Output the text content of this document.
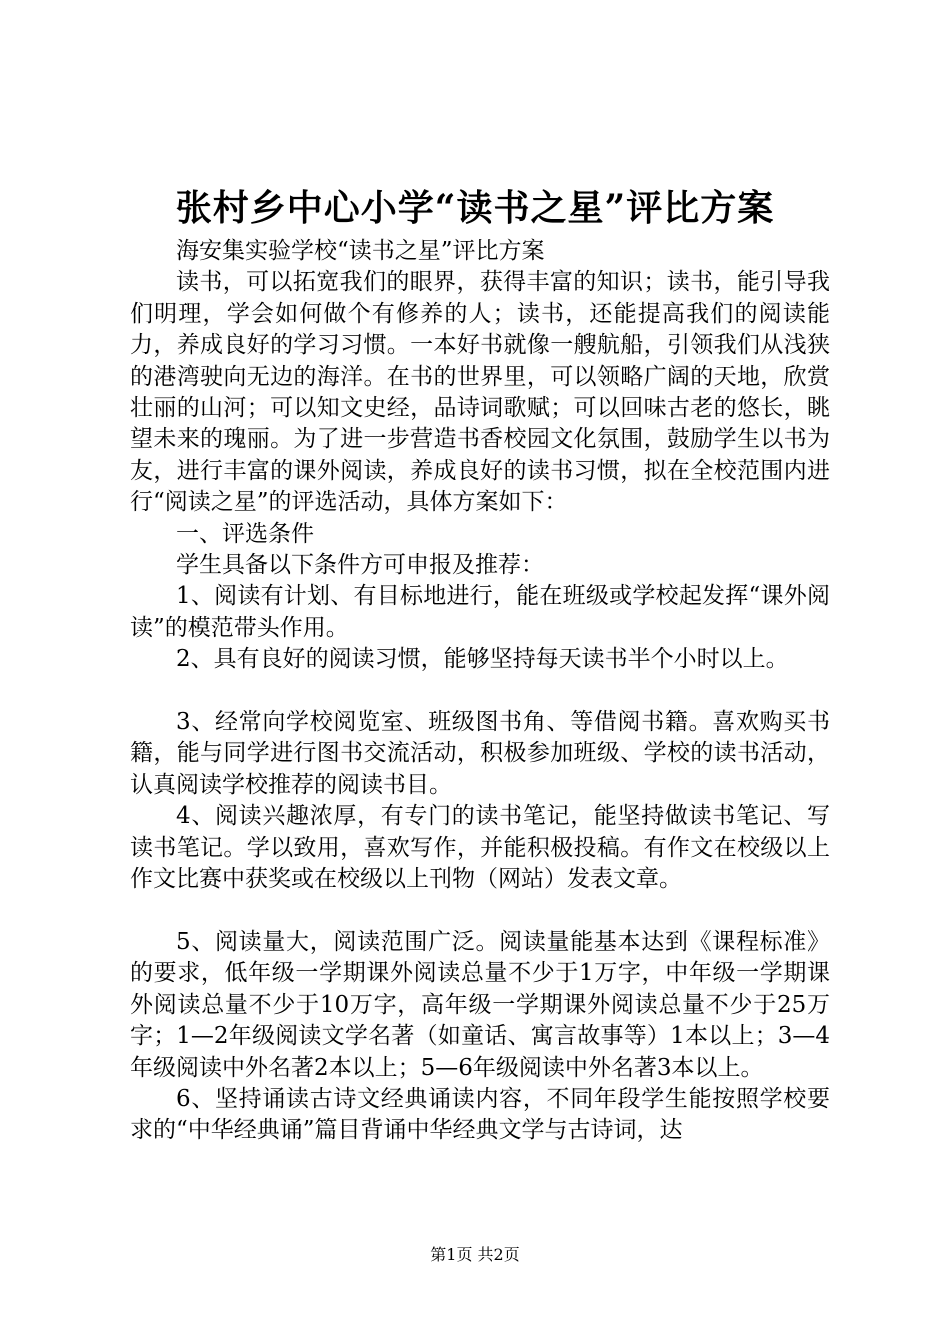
张村乡中心小学“读书之星”评比方案

海安集实验学校“读书之星”评比方案

读书，可以拓宽我们的眼界，获得丰富的知识；读书，能引导我们明理，学会如何做个有修养的人；读书，还能提高我们的阅读能力，养成良好的学习习惯。一本好书就像一艘航船，引领我们从浅狭的港湾驶向无边的海洋。在书的世界里，可以领略广阔的天地，欣赏壮丽的山河；可以知文史经，品诗词歌赋；可以回味古老的悠长，眺望未来的瑰丽。为了进一步营造书香校园文化氛围，鼓励学生以书为友，进行丰富的课外阅读，养成良好的读书习惯，拟在全校范围内进行“阅读之星”的评选活动，具体方案如下：

一、评选条件

学生具备以下条件方可申报及推荐：

1、阅读有计划、有目标地进行，能在班级或学校起发挥“课外阅读”的模范带头作用。

2、具有良好的阅读习惯，能够坚持每天读书半个小时以上。

3、经常向学校阅览室、班级图书角、等借阅书籍。喜欢购买书籍，能与同学进行图书交流活动，积极参加班级、学校的读书活动，认真阅读学校推荐的阅读书目。

4、阅读兴趣浓厚，有专门的读书笔记，能坚持做读书笔记、写读书笔记。学以致用，喜欢写作，并能积极投稿。有作文在校级以上作文比赛中获奖或在校级以上刊物（网站）发表文章。

5、阅读量大，阅读范围广泛。阅读量能基本达到《课程标准》的要求，低年级一学期课外阅读总量不少于1万字，中年级一学期课外阅读总量不少于10万字，高年级一学期课外阅读总量不少于25万字；1—2年级阅读文学名著（如童话、寓言故事等）1本以上；3—4年级阅读中外名著2本以上；5—6年级阅读中外名著3本以上。

6、坚持诵读古诗文经典诵读内容，不同年段学生能按照学校要求的“中华经典诵”篇目背诵中华经典文学与古诗词，达

第1页 共2页
